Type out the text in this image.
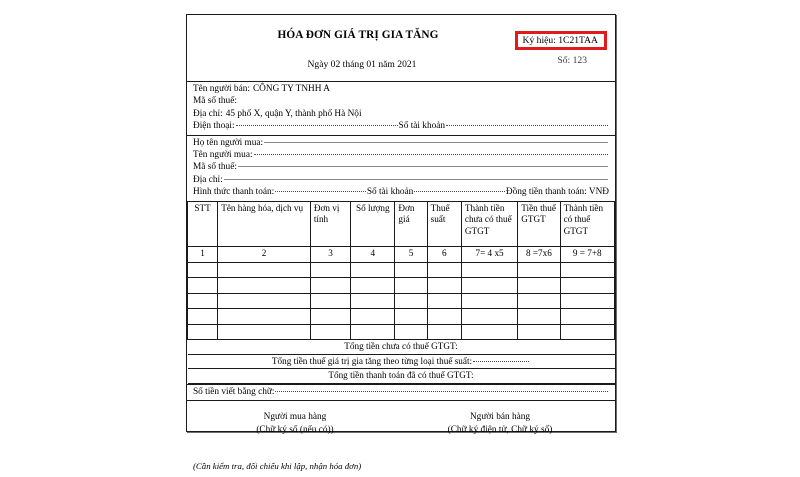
HÓA ĐƠN GIÁ TRỊ GIA TĂNG
Số: 123
Ký hiệu: 1C21TAA
Ngày 02 tháng 01 năm 2021
Tên người bán: CÔNG TY TNHH A
Mã số thuế:
Địa chỉ: 45 phố X, quận Y, thành phố Hà Nội
Điện thoại:	Số tài khoản
Họ tên người mua:
Tên người mua:
Mã số thuế:
Địa chỉ:
Hình thức thanh toán:	Số tài khoản	Đồng tiền thanh toán: VNĐ
STT	Tên hàng hóa, dịch vụ	Đơn vị tính	Số lượng	Đơn giá	Thuế suất	Thành tiền chưa có thuế GTGT	Tiền thuế GTGT	Thành tiền có thuế GTGT
1	2	3	4	5	6	7= 4 x5	8 =7x6	9 = 7+8

Tổng tiền chưa có thuế GTGT:								

Tổng tiền thuế giá trị gia tăng theo từng loại thuế suất:								

Tổng tiền thanh toán đã có thuế GTGT:								
Số tiền viết bằng chữ:
Người mua hàng
(Chữ ký số (nếu có))
Người bán hàng
(Chữ ký điện tử, Chữ ký số)
(Cần kiểm tra, đối chiếu khi lập, nhận hóa đơn)
